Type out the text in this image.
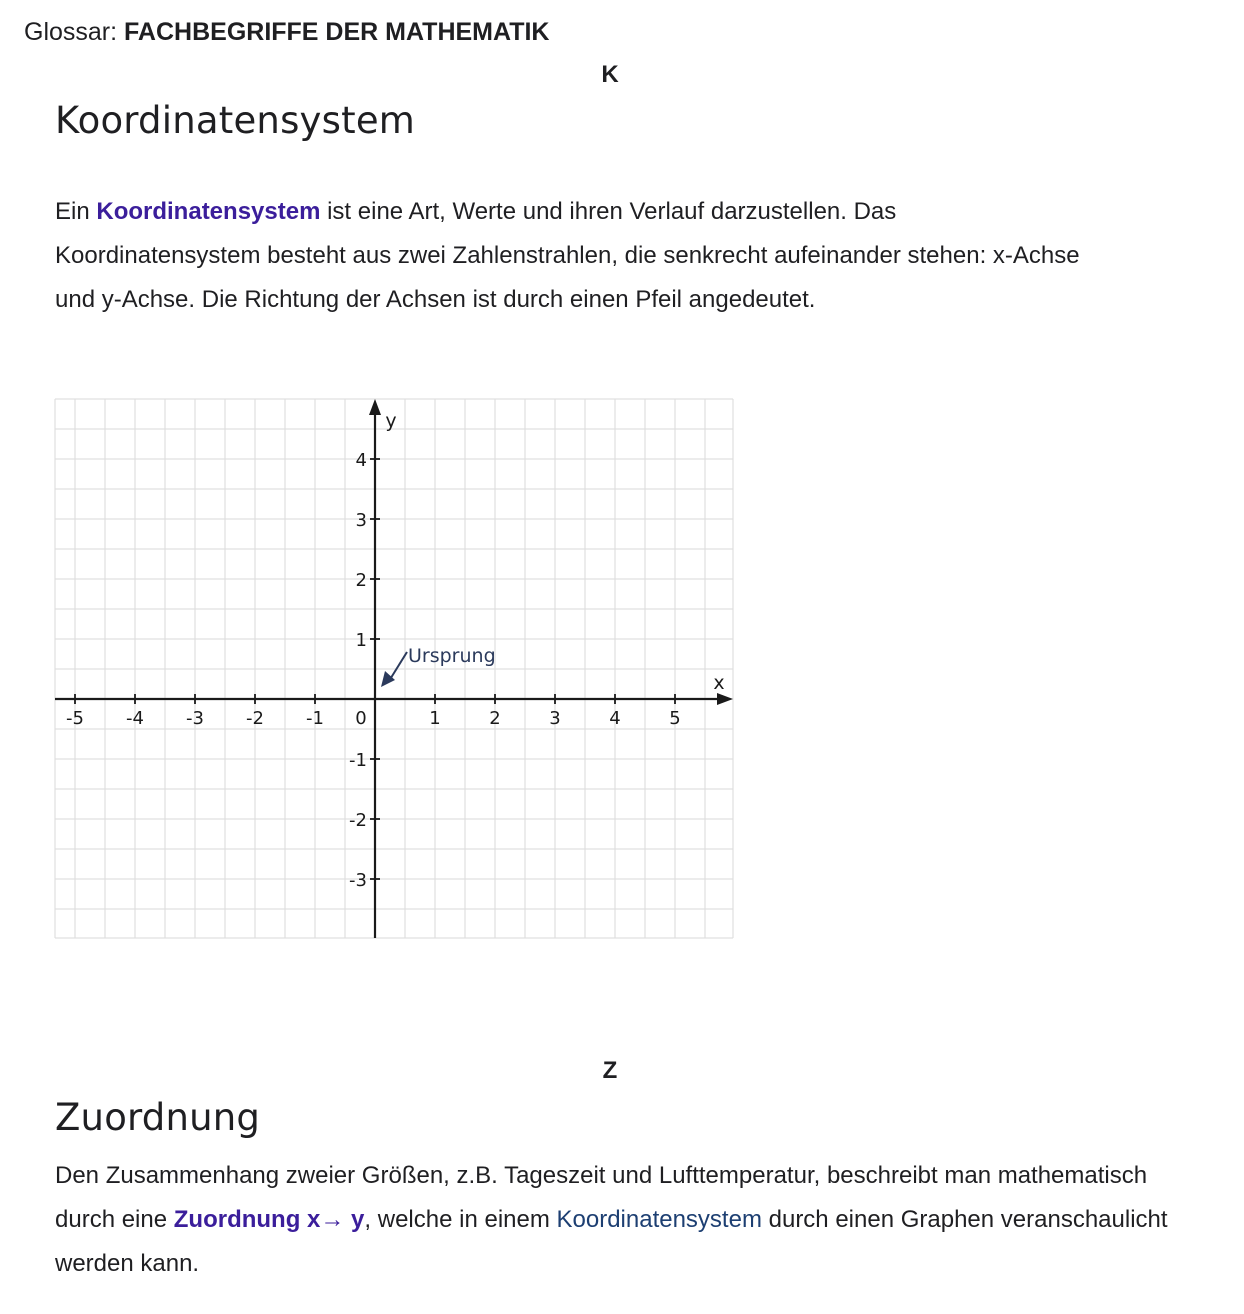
Glossar: FACHBEGRIFFE DER MATHEMATIK
K
Koordinatensystem

Ein Koordinatensystem ist eine Art, Werte und ihren Verlauf darzustellen. Das Koordinatensystem besteht aus zwei Zahlenstrahlen, die senkrecht aufeinander stehen: x-Achse und y-Achse. Die Richtung der Achsen ist durch einen Pfeil angedeutet.

x
y
-5 -4 -3 -2 -1	1	2	3	4	5
4
3
2
1
-1
-2
-3
0
Ursprung
Z
Zuordnung

Den Zusammenhang zweier Größen, z.B. Tageszeit und Lufttemperatur, beschreibt man mathematisch durch eine Zuordnung x→ y, welche in einem Koordinatensystem durch einen Graphen veranschaulicht werden kann.
